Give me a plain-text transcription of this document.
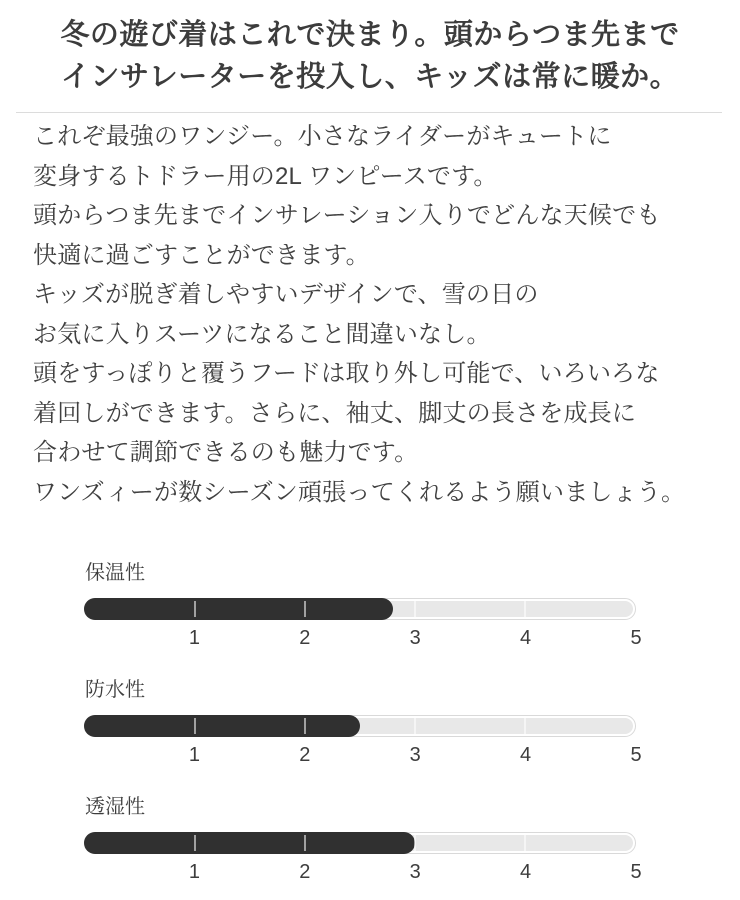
冬の遊び着はこれで決まり。頭からつま先まで
インサレーターを投入し、キッズは常に暖か。
これぞ最強のワンジー。小さなライダーがキュートに
変身するトドラー用の2L ワンピースです。
頭からつま先までインサレーション入りでどんな天候でも
快適に過ごすことができます。
キッズが脱ぎ着しやすいデザインで、雪の日の
お気に入りスーツになること間違いなし。
頭をすっぽりと覆うフードは取り外し可能で、いろいろな
着回しができます。さらに、袖丈、脚丈の長さを成長に
合わせて調節できるのも魅力です。
ワンズィーが数シーズン頑張ってくれるよう願いましょう。
保温性
1	2	3	4	5
防水性
1	2	3	4	5
透湿性
1	2	3	4	5
